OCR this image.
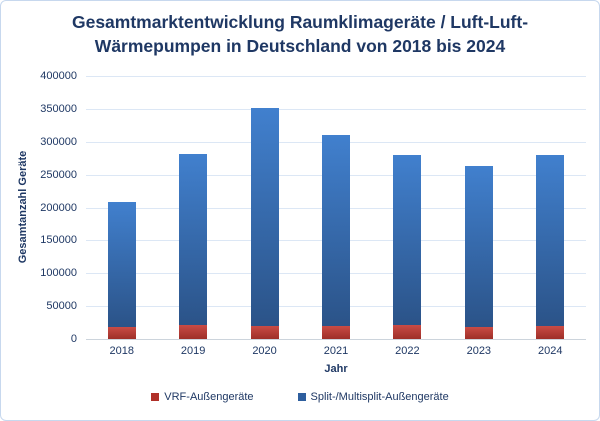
Gesamtmarktentwicklung Raumklimageräte / Luft-Luft-Wärmepumpen in Deutschland von 2018 bis 2024
Gesamtanzahl Geräte
400000
350000
300000
250000
200000
150000
100000
50000
0
2018	2019	2020	2021	2022	2023	2024
Jahr
VRF-Außengeräte	Split-/Multisplit-Außengeräte
